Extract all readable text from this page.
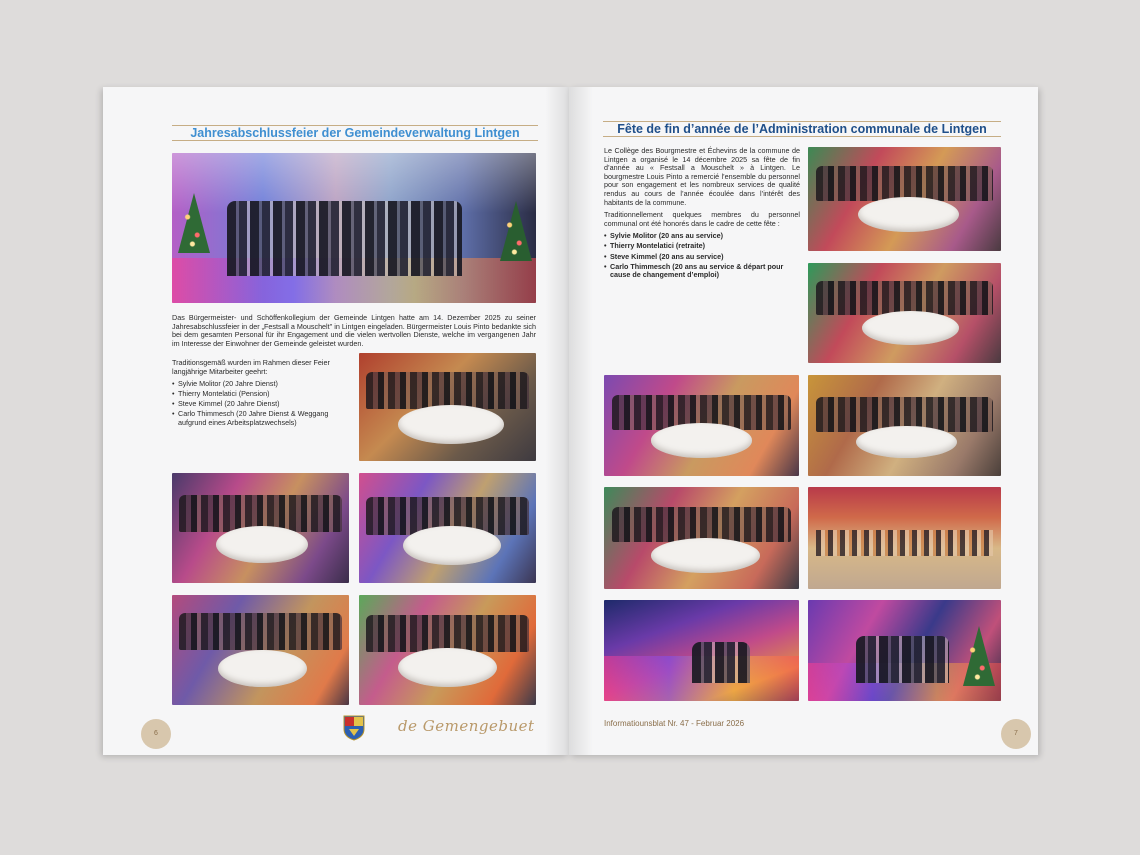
Jahresabschlussfeier der Gemeindeverwaltung Lintgen

Das Bürgermeister- und Schöffenkollegium der Gemeinde Lintgen hatte am 14. Dezember 2025 zu seiner Jahresabschlussfeier in der „Festsall a Mouschelt" in Lintgen eingeladen. Bürgermeister Louis Pinto bedankte sich bei dem gesamten Personal für ihr Engagement und die vielen wertvollen Dienste, welche im vergangenen Jahr im Interesse der Einwohner der Gemeinde geleistet wurden.

Traditionsgemäß wurden im Rahmen dieser Feier langjährige Mitarbeiter geehrt:

• Sylvie Molitor (20 Jahre Dienst)
• Thierry Montelatici (Pension)
• Steve Kimmel (20 Jahre Dienst)
• Carlo Thimmesch (20 Jahre Dienst & Weggang aufgrund eines Arbeitsplatzwechsels)
6	de Gemengebuet
Fête de fin d’année de l’Administration communale de Lintgen

Le Collège des Bourgmestre et Échevins de la commune de Lintgen a organisé le 14 décembre 2025 sa fête de fin d’année au « Festsall a Mouschelt » à Lintgen. Le bourgmestre Louis Pinto a remercié l’ensemble du personnel pour son engagement et les nombreux services de qualité rendus au cours de l’année écoulée dans l’intérêt des habitants de la commune.

Traditionnellement quelques membres du personnel communal ont été honorés dans le cadre de cette fête :

• Sylvie Molitor (20 ans au service)
• Thierry Montelatici (retraite)
• Steve Kimmel (20 ans au service)
• Carlo Thimmesch (20 ans au service & départ pour cause de changement d’emploi)
Informatiounsblat Nr. 47 - Februar 2026
7
